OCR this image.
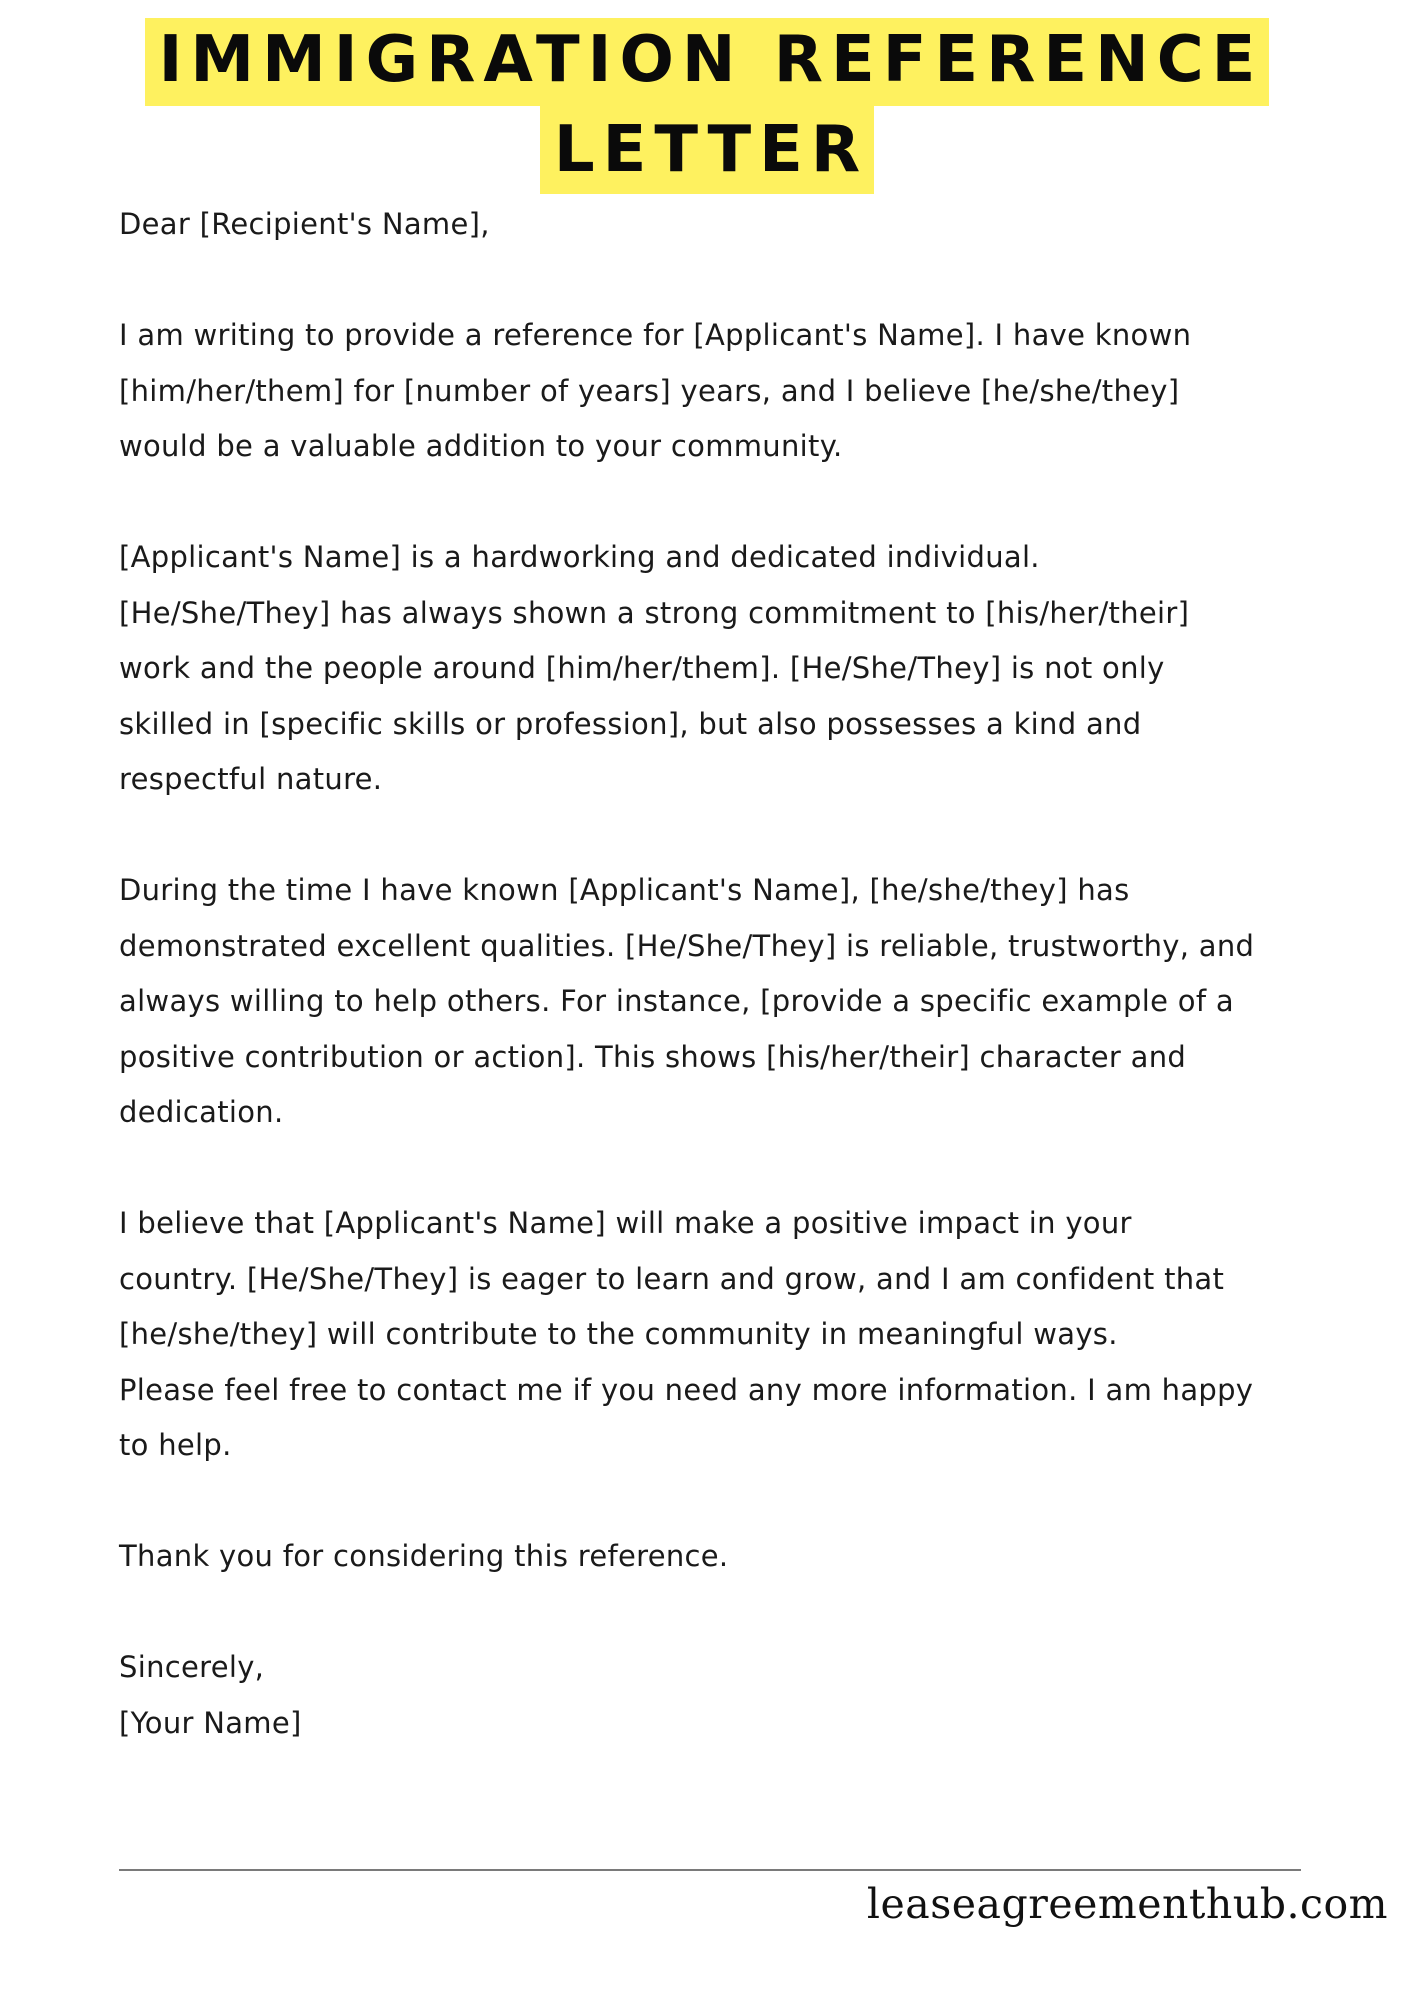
IMMIGRATION REFERENCE
LETTER

Dear [Recipient's Name],

I am writing to provide a reference for [Applicant's Name]. I have known

[him/her/them] for [number of years] years, and I believe [he/she/they]

would be a valuable addition to your community.

[Applicant's Name] is a hardworking and dedicated individual.

[He/She/They] has always shown a strong commitment to [his/her/their]

work and the people around [him/her/them]. [He/She/They] is not only

skilled in [specific skills or profession], but also possesses a kind and

respectful nature.

During the time I have known [Applicant's Name], [he/she/they] has

demonstrated excellent qualities. [He/She/They] is reliable, trustworthy, and

always willing to help others. For instance, [provide a specific example of a

positive contribution or action]. This shows [his/her/their] character and

dedication.

I believe that [Applicant's Name] will make a positive impact in your

country. [He/She/They] is eager to learn and grow, and I am confident that

[he/she/they] will contribute to the community in meaningful ways.

Please feel free to contact me if you need any more information. I am happy

to help.

Thank you for considering this reference.

Sincerely,

[Your Name]

leaseagreementhub.com
